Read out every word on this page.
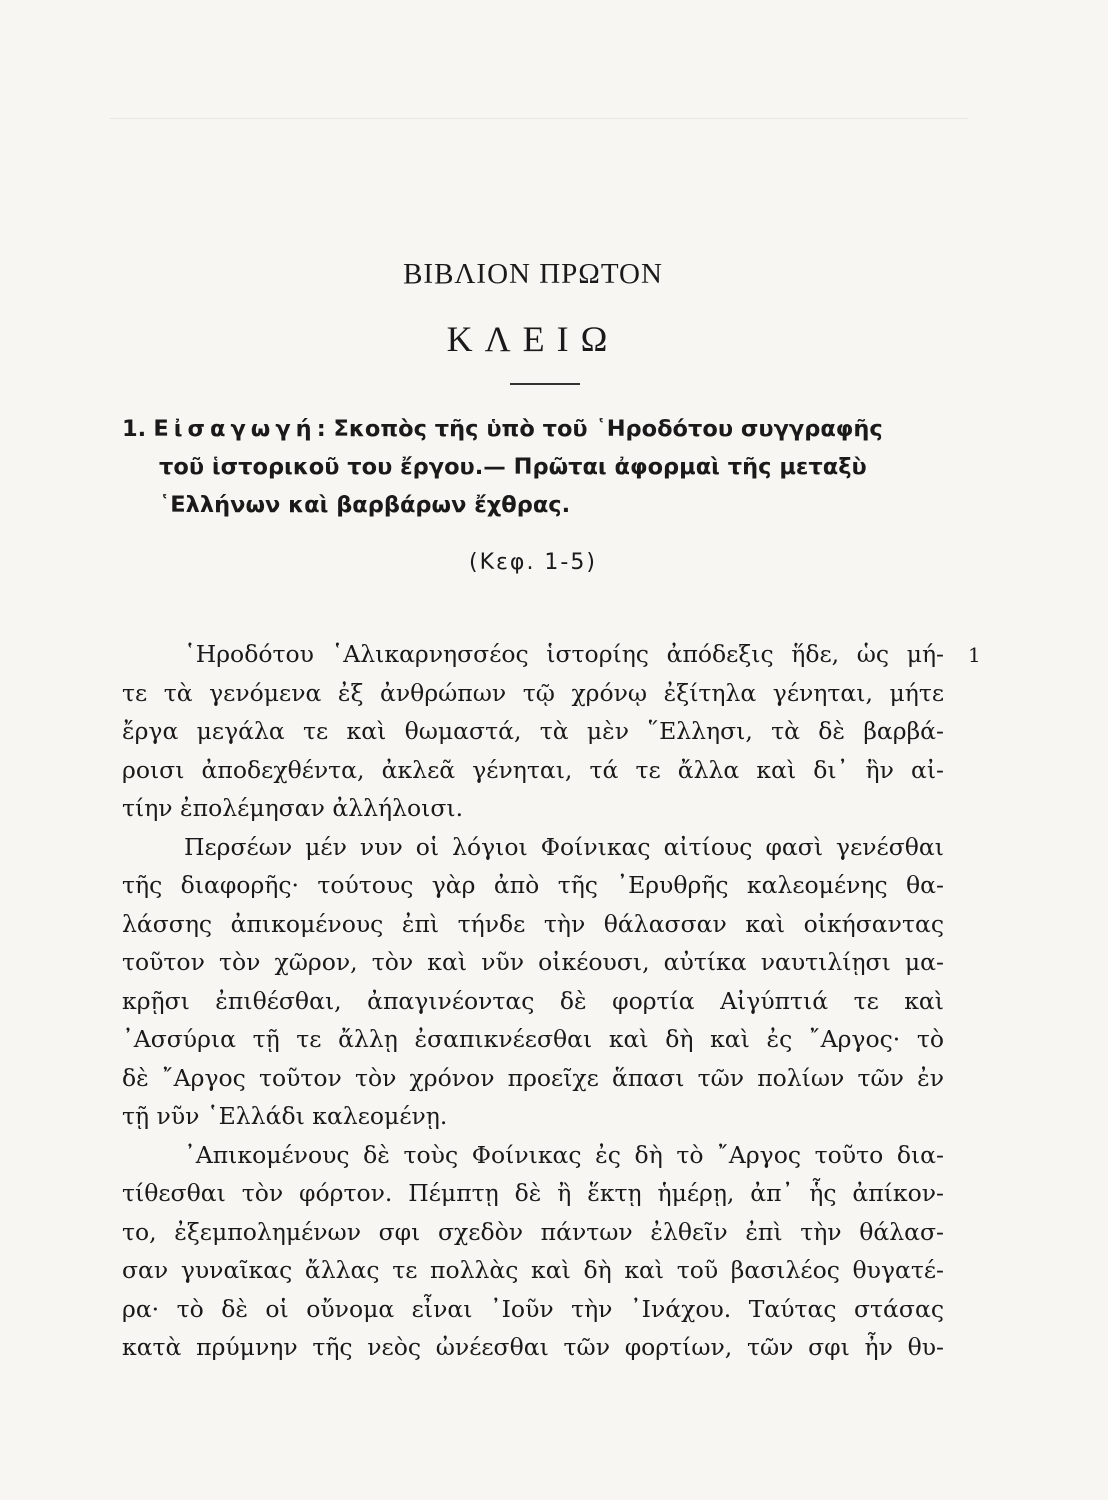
ΒΙΒΛΙΟΝ ΠΡΩΤΟΝ
ΚΛΕΙΩ
1. Εἰσαγωγή: Σκοπὸς τῆς ὑπὸ τοῦ ῾Ηροδότου συγγραφῆς
τοῦ ἱστορικοῦ του ἔργου.— Πρῶται ἀφορμαὶ τῆς μεταξὺ
῾Ελλήνων καὶ βαρβάρων ἔχθρας.
(Κεφ. 1-5)
῾Ηροδότου ῾Αλικαρνησσέος ἱστορίης ἀπόδεξις ἥδε, ὡς μή-
τε τὰ γενόμενα ἐξ ἀνθρώπων τῷ χρόνῳ ἐξίτηλα γένηται, μήτε
ἔργα μεγάλα τε καὶ θωμαστά, τὰ μὲν ῞Ελλησι, τὰ δὲ βαρβά-
ροισι ἀποδεχθέντα, ἀκλεᾶ γένηται, τά τε ἄλλα καὶ δι᾽ ἣν αἰ-
τίην ἐπολέμησαν ἀλλήλοισι.
Περσέων μέν νυν οἱ λόγιοι Φοίνικας αἰτίους φασὶ γενέσθαι
τῆς διαφορῆς· τούτους γὰρ ἀπὸ τῆς ᾿Ερυθρῆς καλεομένης θα-
λάσσης ἀπικομένους ἐπὶ τήνδε τὴν θάλασσαν καὶ οἰκήσαντας
τοῦτον τὸν χῶρον, τὸν καὶ νῦν οἰκέουσι, αὐτίκα ναυτιλίῃσι μα-
κρῇσι ἐπιθέσθαι, ἀπαγινέοντας δὲ φορτία Αἰγύπτιά τε καὶ
᾿Ασσύρια τῇ τε ἄλλῃ ἐσαπικνέεσθαι καὶ δὴ καὶ ἐς ῎Αργος· τὸ
δὲ ῎Αργος τοῦτον τὸν χρόνον προεῖχε ἅπασι τῶν πολίων τῶν ἐν
τῇ νῦν ῾Ελλάδι καλεομένῃ.
᾿Απικομένους δὲ τοὺς Φοίνικας ἐς δὴ τὸ ῎Αργος τοῦτο δια-
τίθεσθαι τὸν φόρτον. Πέμπτῃ δὲ ἢ ἕκτῃ ἡμέρῃ, ἀπ᾽ ἧς ἀπίκον-
το, ἐξεμπολημένων σφι σχεδὸν πάντων ἐλθεῖν ἐπὶ τὴν θάλασ-
σαν γυναῖκας ἄλλας τε πολλὰς καὶ δὴ καὶ τοῦ βασιλέος θυγατέ-
ρα· τὸ δὲ οἱ οὔνομα εἶναι ᾿Ιοῦν τὴν ᾿Ινάχου. Ταύτας στάσας
κατὰ πρύμνην τῆς νεὸς ὠνέεσθαι τῶν φορτίων, τῶν σφι ἦν θυ-
1
